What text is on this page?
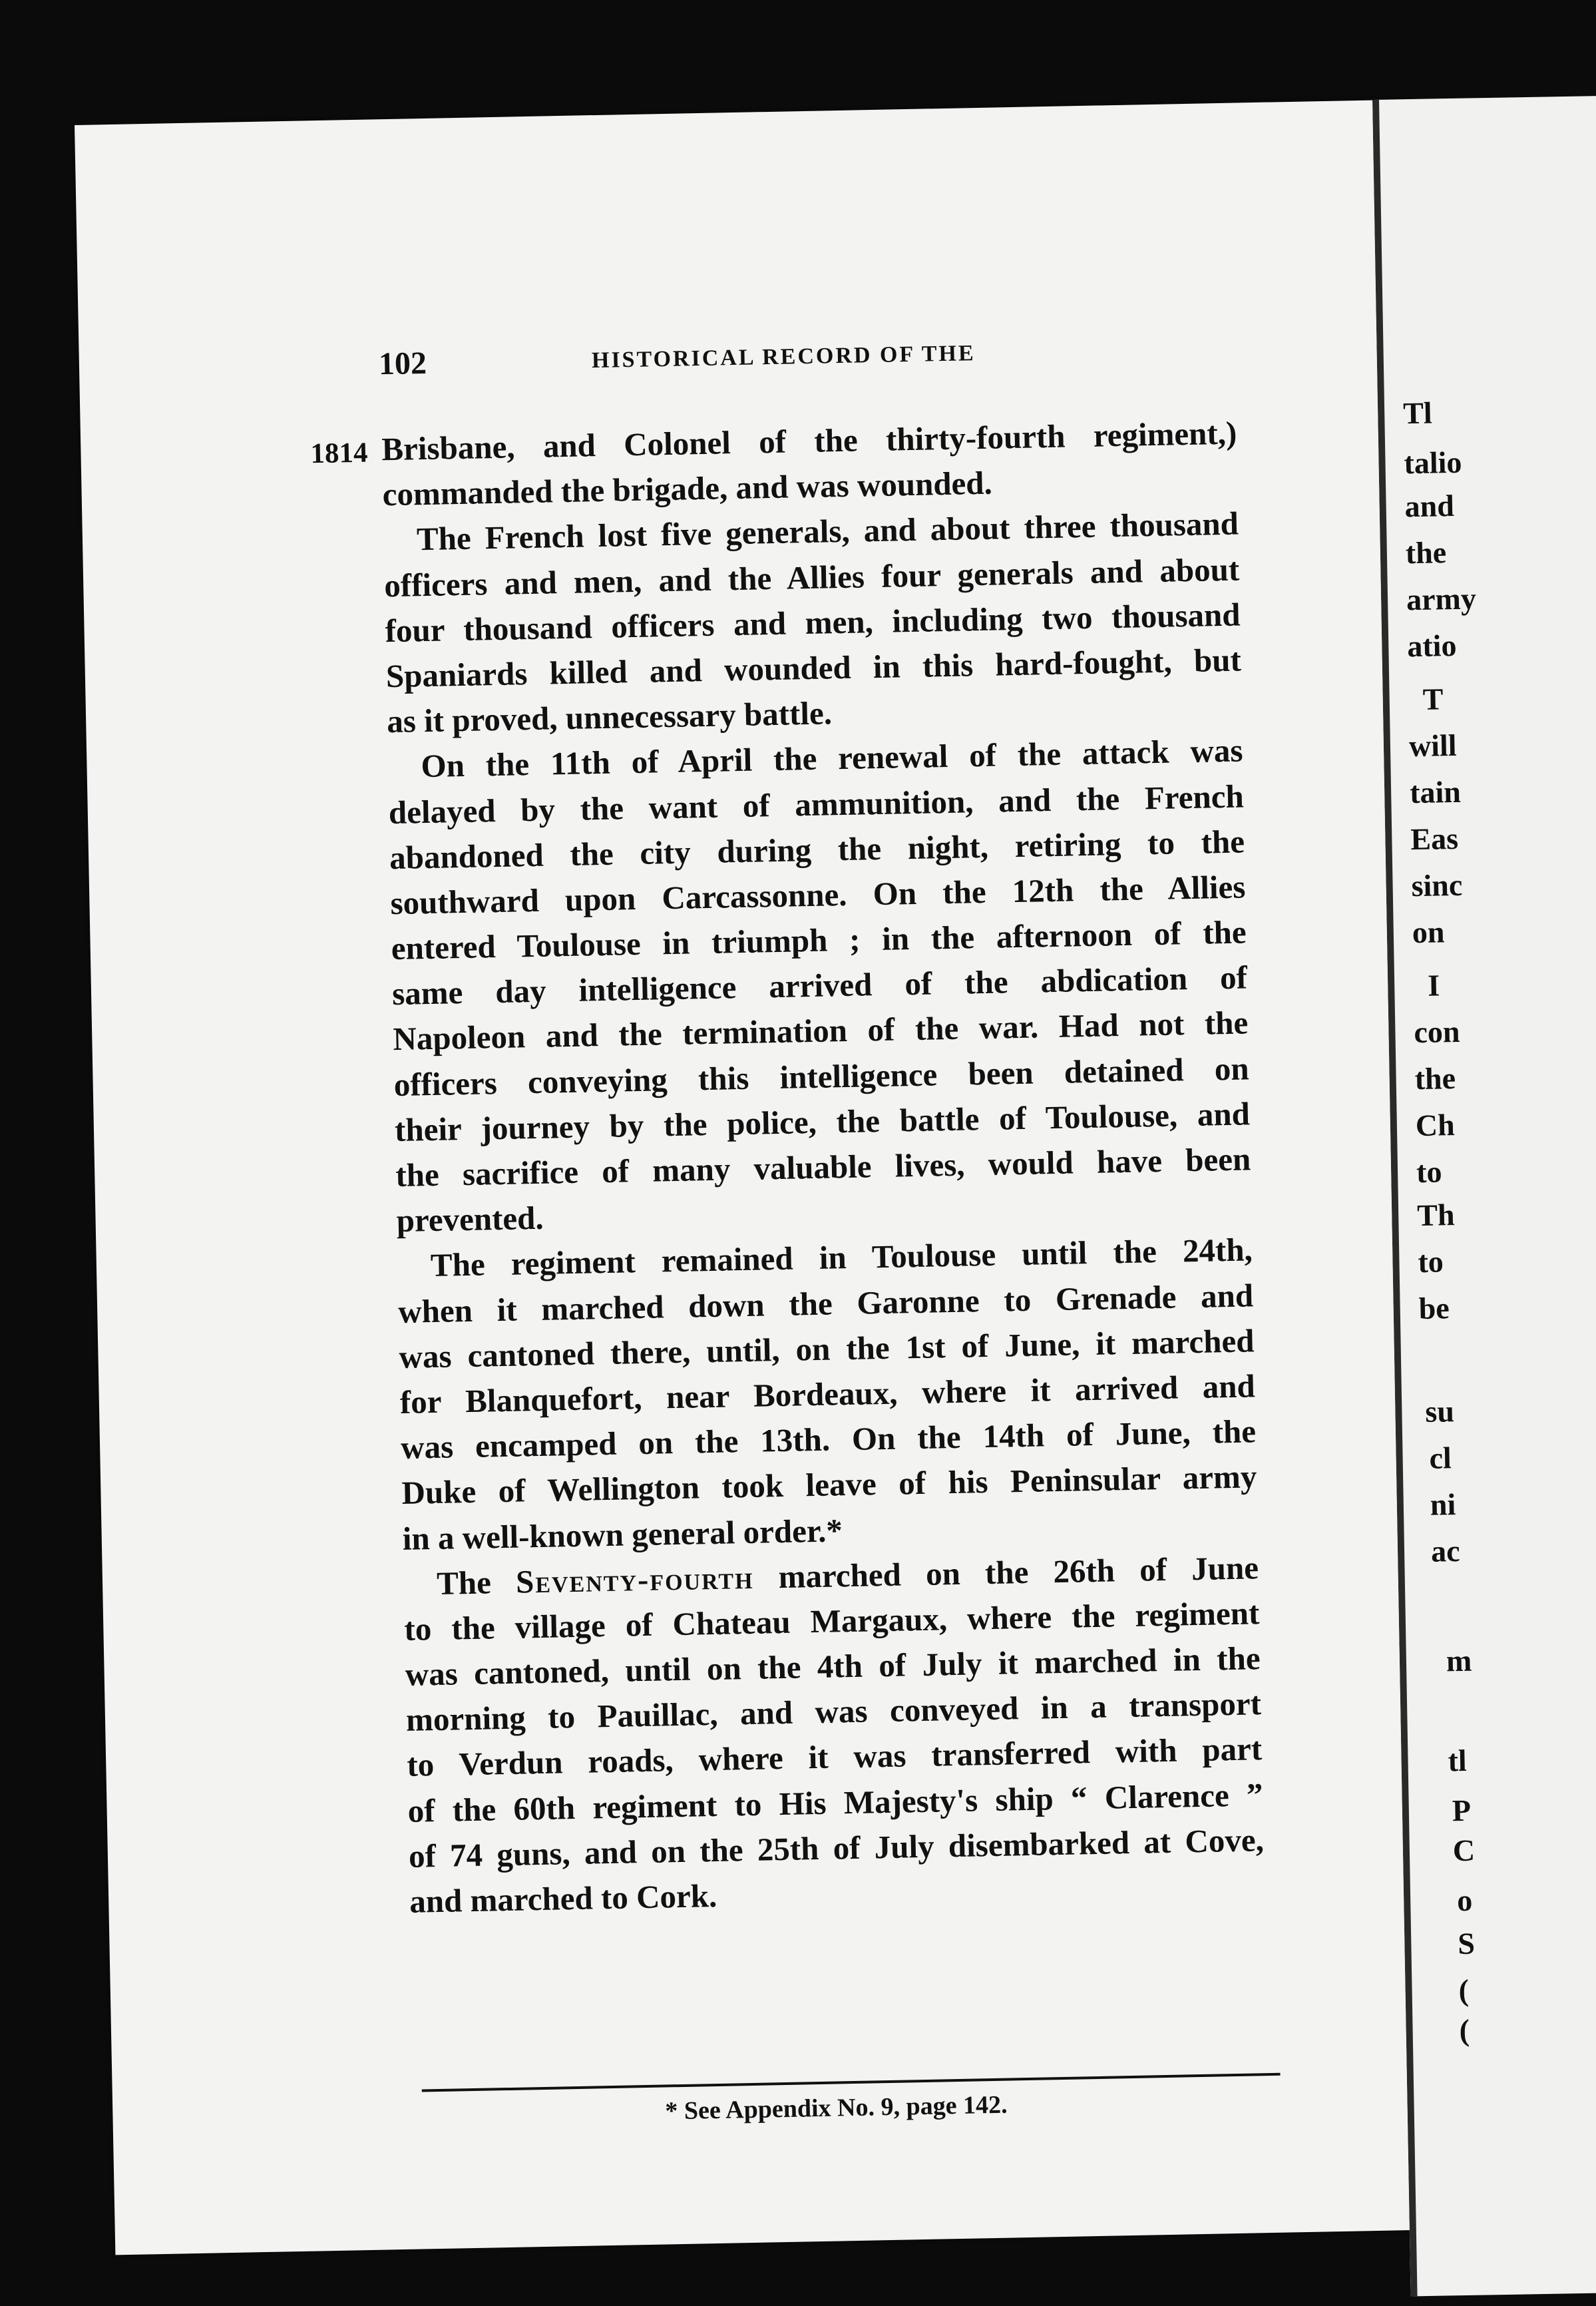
102	HISTORICAL RECORD OF THE
1814 Brisbane, and Colonel of the thirty-fourth regiment,)
commanded the brigade, and was wounded.
The French lost five generals, and about three thousand
officers and men, and the Allies four generals and about
four thousand officers and men, including two thousand
Spaniards killed and wounded in this hard-fought, but
as it proved, unnecessary battle.
On the 11th of April the renewal of the attack was
delayed by the want of ammunition, and the French
abandoned the city during the night, retiring to the
southward upon Carcassonne. On the 12th the Allies
entered Toulouse in triumph ; in the afternoon of the
same day intelligence arrived of the abdication of
Napoleon and the termination of the war. Had not the
officers conveying this intelligence been detained on
their journey by the police, the battle of Toulouse, and
the sacrifice of many valuable lives, would have been
prevented.
The regiment remained in Toulouse until the 24th,
when it marched down the Garonne to Grenade and
was cantoned there, until, on the 1st of June, it marched
for Blanquefort, near Bordeaux, where it arrived and
was encamped on the 13th. On the 14th of June, the
Duke of Wellington took leave of his Peninsular army
in a well-known general order.*
The Seventy-fourth marched on the 26th of June
to the village of Chateau Margaux, where the regiment
was cantoned, until on the 4th of July it marched in the
morning to Pauillac, and was conveyed in a transport
to Verdun roads, where it was transferred with part
of the 60th regiment to His Majesty's ship “ Clarence ”
of 74 guns, and on the 25th of July disembarked at Cove,
and marched to Cork.
* See Appendix No. 9, page 142.
Tl
talio
and
the
army
atio
T
will
tain
Eas
sinc
on
I
con
the
Ch
to
Th
to
be
su
cl
ni
ac
m
tl
P
C
o
S
(
(
